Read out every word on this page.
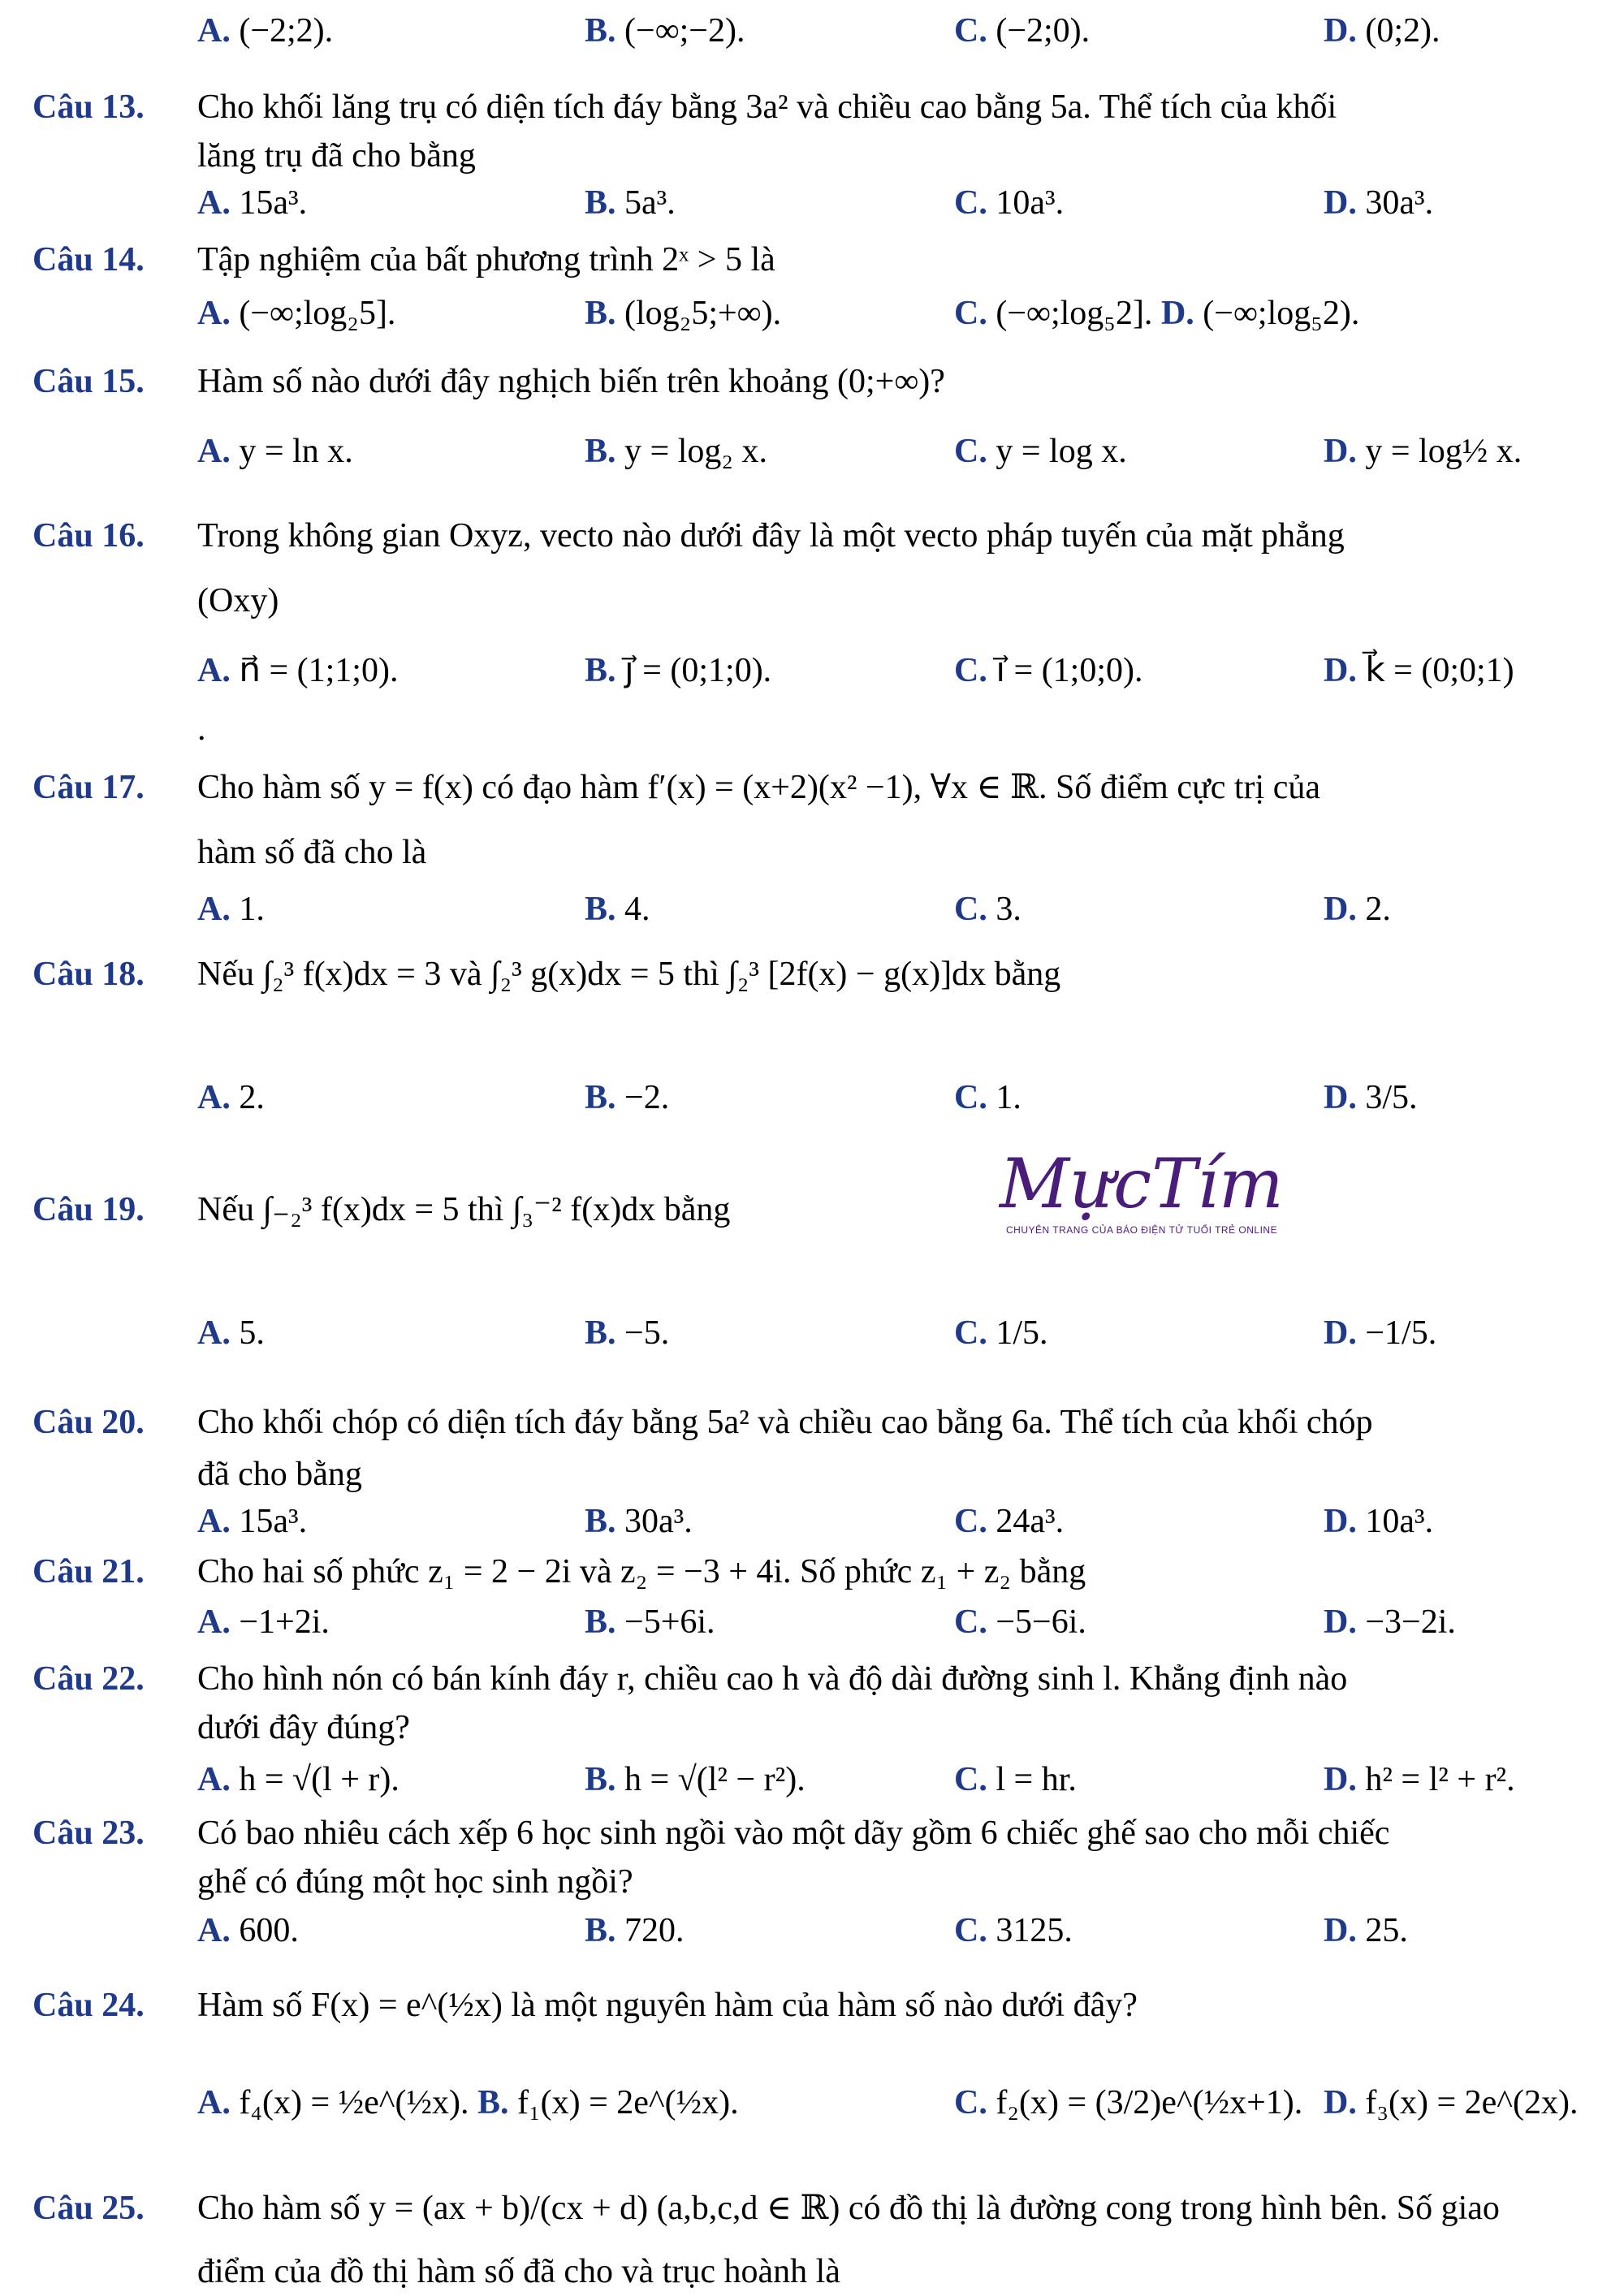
A. (−2;2).	B. (−∞;−2).	C. (−2;0).	D. (0;2).
Câu 13. Cho khối lăng trụ có diện tích đáy bằng 3a² và chiều cao bằng 5a. Thể tích của khối
lăng trụ đã cho bằng
A. 15a³.	B. 5a³.	C. 10a³.	D. 30a³.
Câu 14. Tập nghiệm của bất phương trình 2ˣ > 5 là
A. (−∞;log₂5].	B. (log₂5;+∞).	C. (−∞;log₅2]. D. (−∞;log₅2).
Câu 15. Hàm số nào dưới đây nghịch biến trên khoảng (0;+∞)?
A. y = ln x.	B. y = log₂ x.	C. y = log x.	D. y = log½ x.
Câu 16. Trong không gian Oxyz, vecto nào dưới đây là một vecto pháp tuyến của mặt phẳng
(Oxy)
A. n⃗ = (1;1;0).	B. j⃗ = (0;1;0).	C. i⃗ = (1;0;0).	D. k⃗ = (0;0;1)
.
Câu 17. Cho hàm số y = f(x) có đạo hàm f′(x) = (x+2)(x² −1), ∀x ∈ ℝ. Số điểm cực trị của
hàm số đã cho là
A. 1.	B. 4.	C. 3.	D. 2.
Câu 18. Nếu ∫₂³ f(x)dx = 3 và ∫₂³ g(x)dx = 5 thì ∫₂³ [2f(x) − g(x)]dx bằng
A. 2.	B. −2.	C. 1.	D. 3/5.
Câu 19. Nếu ∫₋₂³ f(x)dx = 5 thì ∫₃⁻² f(x)dx bằng
A. 5.	B. −5.	C. 1/5.	D. −1/5.
Câu 20. Cho khối chóp có diện tích đáy bằng 5a² và chiều cao bằng 6a. Thể tích của khối chóp
đã cho bằng
A. 15a³.	B. 30a³.	C. 24a³.	D. 10a³.
Câu 21. Cho hai số phức z₁ = 2 − 2i và z₂ = −3 + 4i. Số phức z₁ + z₂ bằng
A. −1+2i.	B. −5+6i.	C. −5−6i.	D. −3−2i.
Câu 22. Cho hình nón có bán kính đáy r, chiều cao h và độ dài đường sinh l. Khẳng định nào
dưới đây đúng?
A. h = √(l + r).	B. h = √(l² − r²).	C. l = hr.	D. h² = l² + r².
Câu 23. Có bao nhiêu cách xếp 6 học sinh ngồi vào một dãy gồm 6 chiếc ghế sao cho mỗi chiếc
ghế có đúng một học sinh ngồi?
A. 600.	B. 720.	C. 3125.	D. 25.
Câu 24. Hàm số F(x) = e^(½x) là một nguyên hàm của hàm số nào dưới đây?
A. f₄(x) = ½e^(½x). B. f₁(x) = 2e^(½x).	C. f₂(x) = (3/2)e^(½x+1). D. f₃(x) = 2e^(2x).
Câu 25. Cho hàm số y = (ax + b)/(cx + d) (a,b,c,d ∈ ℝ) có đồ thị là đường cong trong hình bên. Số giao
điểm của đồ thị hàm số đã cho và trục hoành là
MựcTím
CHUYÊN TRANG CỦA BÁO ĐIỆN TỬ TUỔI TRẺ ONLINE
